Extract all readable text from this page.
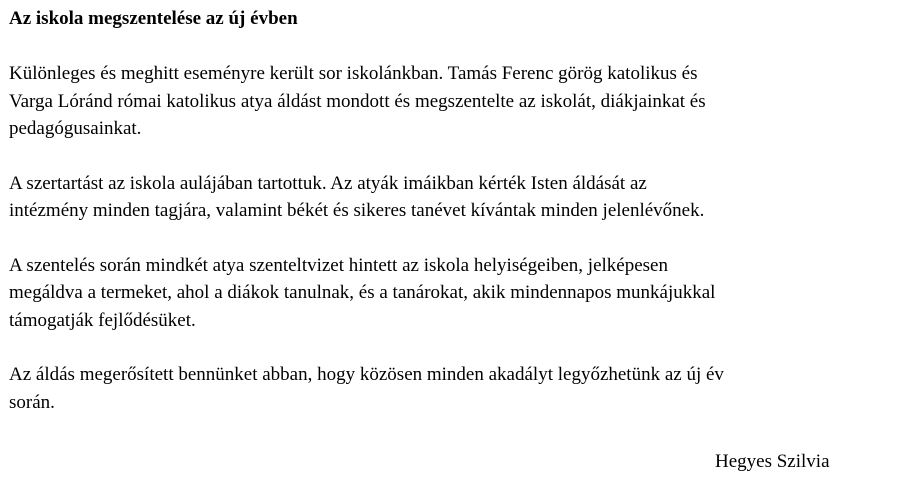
Az iskola megszentelése az új évben

Különleges és meghitt eseményre került sor iskolánkban. Tamás Ferenc görög katolikus és
Varga Lóránd római katolikus atya áldást mondott és megszentelte az iskolát, diákjainkat és
pedagógusainkat.

A szertartást az iskola aulájában tartottuk. Az atyák imáikban kérték Isten áldását az
intézmény minden tagjára, valamint békét és sikeres tanévet kívántak minden jelenlévőnek.

A szentelés során mindkét atya szenteltvizet hintett az iskola helyiségeiben, jelképesen
megáldva a termeket, ahol a diákok tanulnak, és a tanárokat, akik mindennapos munkájukkal
támogatják fejlődésüket.

Az áldás megerősített bennünket abban, hogy közösen minden akadályt legyőzhetünk az új év
során.

Hegyes Szilvia
